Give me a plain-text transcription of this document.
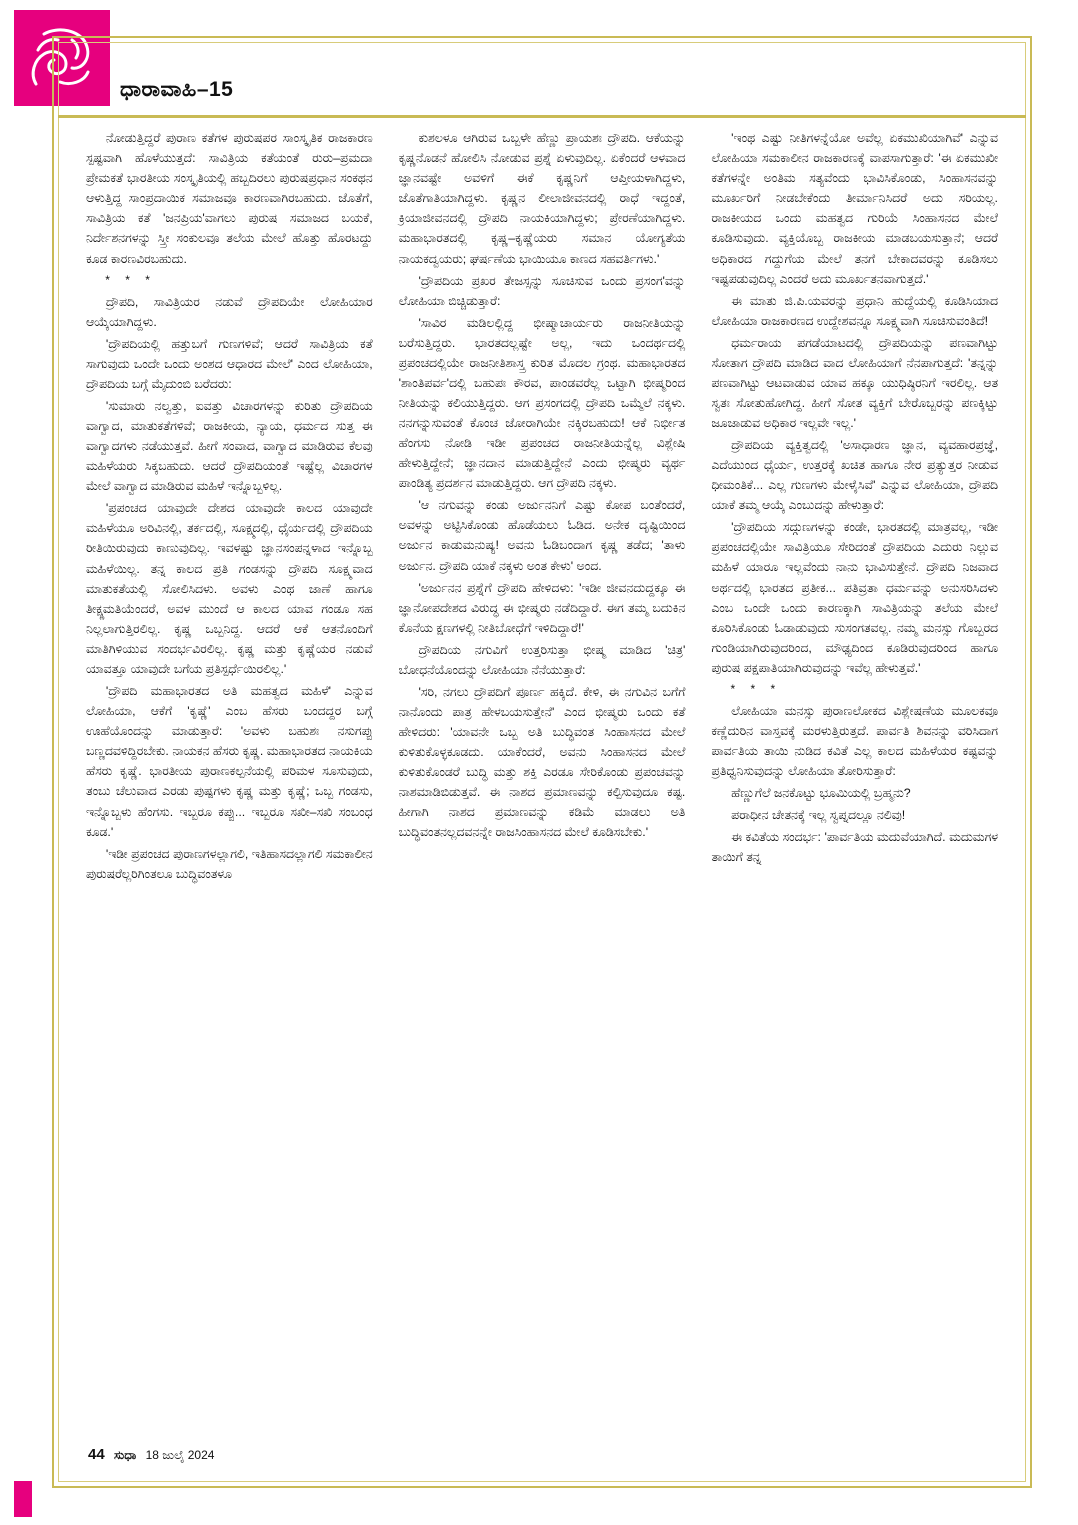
ಧಾರಾವಾಹಿ–15

ನೋಡುತ್ತಿದ್ದರೆ ಪುರಾಣ ಕತೆಗಳ ಪುರುಷಪರ ಸಾಂಸ್ಕೃತಿಕ ರಾಜಕಾರಣ ಸ್ಪಷ್ಟವಾಗಿ ಹೊಳೆಯುತ್ತದೆ: ಸಾವಿತ್ರಿಯ ಕತೆಯಂತೆ ರುರು–ಪ್ರಮದಾ ಪ್ರೇಮಕತೆ ಭಾರತೀಯ ಸಂಸ್ಕೃತಿಯಲ್ಲಿ ಹಬ್ಬದಿರಲು ಪುರುಷಪ್ರಧಾನ ಸಂಕಥನ ಆಳುತ್ತಿದ್ದ ಸಾಂಪ್ರದಾಯಿಕ ಸಮಾಜವೂ ಕಾರಣವಾಗಿರಬಹುದು. ಜೊತೆಗೆ, ಸಾವಿತ್ರಿಯ ಕತೆ 'ಜನಪ್ರಿಯ'ವಾಗಲು ಪುರುಷ ಸಮಾಜದ ಬಯಕೆ, ನಿರ್ದೇಶನಗಳನ್ನು ಸ್ತ್ರೀ ಸಂಕುಲವೂ ತಲೆಯ ಮೇಲೆ ಹೊತ್ತು ಹೊರಟದ್ದು ಕೂಡ ಕಾರಣವಿರಬಹುದು.

* * *

ದ್ರೌಪದಿ, ಸಾವಿತ್ರಿಯರ ನಡುವೆ ದ್ರೌಪದಿಯೇ ಲೋಹಿಯಾರ ಆಯ್ಕೆಯಾಗಿದ್ದಳು.

'ದ್ರೌಪದಿಯಲ್ಲಿ ಹತ್ತುಬಗೆ ಗುಣಗಳಿವೆ; ಆದರೆ ಸಾವಿತ್ರಿಯ ಕತೆ ಸಾಗುವುದು ಒಂದೇ ಒಂದು ಅಂಶದ ಆಧಾರದ ಮೇಲೆ' ಎಂದ ಲೋಹಿಯಾ, ದ್ರೌಪದಿಯ ಬಗ್ಗೆ ಮೈದುಂಬಿ ಬರೆದರು:

'ಸುಮಾರು ನಲ್ವತ್ತು, ಐವತ್ತು ವಿಚಾರಗಳನ್ನು ಕುರಿತು ದ್ರೌಪದಿಯ ವಾಗ್ವಾದ, ಮಾತುಕತೆಗಳಿವೆ; ರಾಜಕೀಯ, ನ್ಯಾಯ, ಧರ್ಮದ ಸುತ್ತ ಈ ವಾಗ್ವಾದಗಳು ನಡೆಯುತ್ತವೆ. ಹೀಗೆ ಸಂವಾದ, ವಾಗ್ವಾದ ಮಾಡಿರುವ ಕೆಲವು ಮಹಿಳೆಯರು ಸಿಕ್ಕಬಹುದು. ಆದರೆ ದ್ರೌಪದಿಯಂತೆ ಇಷ್ಟೆಲ್ಲ ವಿಚಾರಗಳ ಮೇಲೆ ವಾಗ್ವಾದ ಮಾಡಿರುವ ಮಹಿಳೆ ಇನ್ನೊಬ್ಬಳಿಲ್ಲ.

'ಪ್ರಪಂಚದ ಯಾವುದೇ ದೇಶದ ಯಾವುದೇ ಕಾಲದ ಯಾವುದೇ ಮಹಿಳೆಯೂ ಅರಿವಿನಲ್ಲಿ, ತರ್ಕದಲ್ಲಿ, ಸೂಕ್ಷ್ಮದಲ್ಲಿ, ಧೈರ್ಯದಲ್ಲಿ ದ್ರೌಪದಿಯ ರೀತಿಯಿರುವುದು ಕಾಣುವುದಿಲ್ಲ. ಇವಳಷ್ಟು ಜ್ಞಾನಸಂಪನ್ನಳಾದ ಇನ್ನೊಬ್ಬ ಮಹಿಳೆಯಿಲ್ಲ. ತನ್ನ ಕಾಲದ ಪ್ರತಿ ಗಂಡಸನ್ನು ದ್ರೌಪದಿ ಸೂಕ್ಷ್ಮವಾದ ಮಾತುಕತೆಯಲ್ಲಿ ಸೋಲಿಸಿದಳು. ಅವಳು ಎಂಥ ಜಾಣೆ ಹಾಗೂ ತೀಕ್ಷ್ಣಮತಿಯೆಂದರೆ, ಅವಳ ಮುಂದೆ ಆ ಕಾಲದ ಯಾವ ಗಂಡೂ ಸಹ ನಿಲ್ಲಲಾಗುತ್ತಿರಲಿಲ್ಲ. ಕೃಷ್ಣ ಒಬ್ಬನಿದ್ದ. ಆದರೆ ಆಕೆ ಆತನೊಂದಿಗೆ ಮಾತಿಗಿಳಿಯುವ ಸಂದರ್ಭವಿರಲಿಲ್ಲ. ಕೃಷ್ಣ ಮತ್ತು ಕೃಷ್ಣೆಯರ ನಡುವೆ ಯಾವತ್ತೂ ಯಾವುದೇ ಬಗೆಯ ಪ್ರತಿಸ್ಪರ್ಧೆಯಿರಲಿಲ್ಲ.'

'ದ್ರೌಪದಿ ಮಹಾಭಾರತದ ಅತಿ ಮಹತ್ವದ ಮಹಿಳೆ' ಎನ್ನುವ ಲೋಹಿಯಾ, ಆಕೆಗೆ 'ಕೃಷ್ಣೆ' ಎಂಬ ಹೆಸರು ಬಂದದ್ದರ ಬಗ್ಗೆ ಊಹೆಯೊಂದನ್ನು ಮಾಡುತ್ತಾರೆ: 'ಅವಳು ಬಹುಶಃ ನಸುಗಪ್ಪು ಬಣ್ಣದವಳಿದ್ದಿರಬೇಕು. ನಾಯಕನ ಹೆಸರು ಕೃಷ್ಣ. ಮಹಾಭಾರತದ ನಾಯಕಿಯ ಹೆಸರು ಕೃಷ್ಣೆ. ಭಾರತೀಯ ಪುರಾಣಕಲ್ಪನೆಯಲ್ಲಿ ಪರಿಮಳ ಸೂಸುವುದು, ತಂಬು ಚೆಲುವಾದ ಎರಡು ಪುಷ್ಪಗಳು ಕೃಷ್ಣ ಮತ್ತು ಕೃಷ್ಣೆ; ಒಬ್ಬ ಗಂಡಸು, ಇನ್ನೊಬ್ಬಳು ಹೆಂಗಸು. ಇಬ್ಬರೂ ಕಪ್ಪು... ಇಬ್ಬರೂ ಸಖೀ–ಸಖಿ ಸಂಬಂಧ ಕೂಡ.'

'ಇಡೀ ಪ್ರಪಂಚದ ಪುರಾಣಗಳಲ್ಲಾಗಲಿ, ಇತಿಹಾಸದಲ್ಲಾಗಲಿ ಸಮಕಾಲೀನ ಪುರುಷರೆಲ್ಲರಿಗಿಂತಲೂ ಬುದ್ಧಿವಂತಳೂ

ಕುಶಲಳೂ ಆಗಿರುವ ಒಬ್ಬಳೇ ಹೆಣ್ಣು ಪ್ರಾಯಶಃ ದ್ರೌಪದಿ. ಆಕೆಯನ್ನು ಕೃಷ್ಣನೊಡನೆ ಹೋಲಿಸಿ ನೋಡುವ ಪ್ರಶ್ನೆ ಏಳುವುದಿಲ್ಲ. ಏಕೆಂದರೆ ಆಳವಾದ ಜ್ಞಾನವಷ್ಟೇ ಅವಳಿಗೆ ಈಕೆ ಕೃಷ್ಣನಿಗೆ ಆಪ್ತೀಯಳಾಗಿದ್ದಳು, ಜೊತೆಗಾತಿಯಾಗಿದ್ದಳು. ಕೃಷ್ಣನ ಲೀಲಾಜೀವನದಲ್ಲಿ ರಾಧೆ ಇದ್ದಂತೆ, ಕ್ರಿಯಾಜೀವನದಲ್ಲಿ ದ್ರೌಪದಿ ನಾಯಕಿಯಾಗಿದ್ದಳು; ಪ್ರೇರಣೆಯಾಗಿದ್ದಳು. ಮಹಾಭಾರತದಲ್ಲಿ ಕೃಷ್ಣ–ಕೃಷ್ಣೆಯರು ಸಮಾನ ಯೋಗ್ಯತೆಯ ನಾಯಕದ್ವಯರು; ಘರ್ಷಣೆಯ ಭಾಯಿಯೂ ಕಾಣದ ಸಹವರ್ತಿಗಳು.'

'ದ್ರೌಪದಿಯ ಪ್ರಖರ ತೇಜಸ್ಸನ್ನು ಸೂಚಿಸುವ ಒಂದು ಪ್ರಸಂಗ'ವನ್ನು ಲೋಹಿಯಾ ಬಿಚ್ಚಿಡುತ್ತಾರೆ:

'ಸಾವಿರ ಮಡಿಲಲ್ಲಿದ್ದ ಭೀಷ್ಮಾಚಾರ್ಯರು ರಾಜನೀತಿಯನ್ನು ಬರೆಸುತ್ತಿದ್ದರು. ಭಾರತದಲ್ಲಷ್ಟೇ ಅಲ್ಲ, ಇದು ಒಂದರ್ಥದಲ್ಲಿ ಪ್ರಪಂಚದಲ್ಲಿಯೇ ರಾಜನೀತಿಶಾಸ್ತ್ರ ಕುರಿತ ಮೊದಲ ಗ್ರಂಥ. ಮಹಾಭಾರತದ 'ಶಾಂತಿಪರ್ವ'ದಲ್ಲಿ ಬಹುಪಃ ಕೌರವ, ಪಾಂಡವರೆಲ್ಲ ಒಟ್ಟಾಗಿ ಭೀಷ್ಮರಿಂದ ನೀತಿಯನ್ನು ಕಲಿಯುತ್ತಿದ್ದರು. ಆಗ ಪ್ರಸಂಗದಲ್ಲಿ ದ್ರೌಪದಿ ಒಮ್ಮೆಲೆ ನಕ್ಕಳು. ನನಗನ್ನುಸುವಂತೆ ಕೊಂಚ ಜೋರಾಗಿಯೇ ನಕ್ಕಿರಬಹುದು! ಆಕೆ ನಿರ್ಭೀತ ಹೆಂಗಸು ನೋಡಿ ಇಡೀ ಪ್ರಪಂಚದ ರಾಜನೀತಿಯನ್ನೆಲ್ಲ ವಿಶ್ಲೇಷಿ ಹೇಳುತ್ತಿದ್ದೇನೆ; ಜ್ಞಾನದಾನ ಮಾಡುತ್ತಿದ್ದೇನೆ ಎಂದು ಭೀಷ್ಮರು ವ್ಯರ್ಥ ಪಾಂಡಿತ್ಯ ಪ್ರದರ್ಶನ ಮಾಡುತ್ತಿದ್ದರು. ಆಗ ದ್ರೌಪದಿ ನಕ್ಕಳು.

'ಆ ನಗುವನ್ನು ಕಂಡು ಅರ್ಜುನನಿಗೆ ಎಷ್ಟು ಕೋಪ ಬಂತೆಂದರೆ, ಅವಳನ್ನು ಅಟ್ಟಿಸಿಕೊಂಡು ಹೊಡೆಯಲು ಓಡಿದ. ಅನೇಕ ದೃಷ್ಟಿಯಿಂದ ಅರ್ಜುನ ಕಾಡುಮನುಷ್ಯ! ಅವನು ಓಡಿಬಂದಾಗ ಕೃಷ್ಣ ತಡೆದ; 'ತಾಳು ಅರ್ಜುನ. ದ್ರೌಪದಿ ಯಾಕೆ ನಕ್ಕಳು ಅಂತ ಕೇಳು' ಅಂದ.

'ಅರ್ಜುನನ ಪ್ರಶ್ನೆಗೆ ದ್ರೌಪದಿ ಹೇಳಿದಳು: 'ಇಡೀ ಜೀವನದುದ್ದಕ್ಕೂ ಈ ಜ್ಞಾನೋಪದೇಶದ ವಿರುದ್ಧ ಈ ಭೀಷ್ಮರು ನಡೆದಿದ್ದಾರೆ. ಈಗ ತಮ್ಮ ಬದುಕಿನ ಕೊನೆಯ ಕ್ಷಣಗಳಲ್ಲಿ ನೀತಿಬೋಧೆಗೆ ಇಳಿದಿದ್ದಾರೆ!'

ದ್ರೌಪದಿಯ ನಗುವಿಗೆ ಉತ್ತರಿಸುತ್ತಾ ಭೀಷ್ಮ ಮಾಡಿದ 'ಚಿತ್ರ' ಬೋಧನೆಯೊಂದನ್ನು ಲೋಹಿಯಾ ನೆನೆಯುತ್ತಾರೆ:

'ಸರಿ, ನಗಲು ದ್ರೌಪದಿಗೆ ಪೂರ್ಣ ಹಕ್ಕಿದೆ. ಕೇಳಿ, ಈ ನಗುವಿನ ಬಗೆಗೆ ನಾನೊಂದು ಪಾತ್ರ ಹೇಳಬಯಸುತ್ತೇನೆ' ಎಂದ ಭೀಷ್ಮರು ಒಂದು ಕತೆ ಹೇಳಿದರು: 'ಯಾವನೇ ಒಬ್ಬ ಅತಿ ಬುದ್ಧಿವಂತ ಸಿಂಹಾಸನದ ಮೇಲೆ ಕುಳಿತುಕೊಳ್ಳಕೂಡದು. ಯಾಕೆಂದರೆ, ಅವನು ಸಿಂಹಾಸನದ ಮೇಲೆ ಕುಳಿತುಕೊಂಡರೆ ಬುದ್ಧಿ ಮತ್ತು ಶಕ್ತಿ ಎರಡೂ ಸೇರಿಕೊಂಡು ಪ್ರಪಂಚವನ್ನು ನಾಶಮಾಡಿಬಿಡುತ್ತವೆ. ಈ ನಾಶದ ಪ್ರಮಾಣವನ್ನು ಕಲ್ಪಿಸುವುದೂ ಕಷ್ಟ. ಹೀಗಾಗಿ ನಾಶದ ಪ್ರಮಾಣವನ್ನು ಕಡಿಮೆ ಮಾಡಲು ಅತಿ ಬುದ್ಧಿವಂತನಲ್ಲದವನನ್ನೇ ರಾಜಸಿಂಹಾಸನದ ಮೇಲೆ ಕೂಡಿಸಬೇಕು.'

'ಇಂಥ ಎಷ್ಟು ನೀತಿಗಳನ್ನೆಯೋ ಅವೆಲ್ಲ ಏಕಮುಖಿಯಾಗಿವೆ' ಎನ್ನುವ ಲೋಹಿಯಾ ಸಮಕಾಲೀನ ರಾಜಕಾರಣಕ್ಕೆ ವಾಪಸಾಗುತ್ತಾರೆ: 'ಈ ಏಕಮುಖೀ ಕತೆಗಳನ್ನೇ ಅಂತಿಮ ಸತ್ಯವೆಂದು ಭಾವಿಸಿಕೊಂಡು, ಸಿಂಹಾಸನವನ್ನು ಮೂರ್ಖರಿಗೆ ನೀಡಬೇಕೆಂದು ತೀರ್ಮಾನಿಸಿದರೆ ಅದು ಸರಿಯಲ್ಲ. ರಾಜಕೀಯದ ಒಂದು ಮಹತ್ವದ ಗುರಿಯೆ ಸಿಂಹಾಸನದ ಮೇಲೆ ಕೂಡಿಸುವುದು. ವ್ಯಕ್ತಿಯೊಬ್ಬ ರಾಜಕೀಯ ಮಾಡಬಯಸುತ್ತಾನೆ; ಆದರೆ ಅಧಿಕಾರದ ಗದ್ದುಗೆಯ ಮೇಲೆ ತನಗೆ ಬೇಕಾದವರನ್ನು ಕೂಡಿಸಲು ಇಷ್ಟಪಡುವುದಿಲ್ಲ ಎಂದರೆ ಅದು ಮೂರ್ಖತನವಾಗುತ್ತದೆ.'

ಈ ಮಾತು ಜಿ.ಪಿ.ಯವರನ್ನು ಪ್ರಧಾನಿ ಹುದ್ದೆಯಲ್ಲಿ ಕೂಡಿಸಿಯಾದ ಲೋಹಿಯಾ ರಾಜಕಾರಣದ ಉದ್ದೇಶವನ್ನೂ ಸೂಕ್ಷ್ಮವಾಗಿ ಸೂಚಿಸುವಂತಿದೆ!

ಧರ್ಮರಾಯ ಪಗಡೆಯಾಟದಲ್ಲಿ ದ್ರೌಪದಿಯನ್ನು ಪಣವಾಗಿಟ್ಟು ಸೋತಾಗ ದ್ರೌಪದಿ ಮಾಡಿದ ವಾದ ಲೋಹಿಯಾಗೆ ನೆನಪಾಗುತ್ತದೆ: 'ತನ್ನನ್ನು ಪಣವಾಗಿಟ್ಟು ಆಟವಾಡುವ ಯಾವ ಹಕ್ಕೂ ಯುಧಿಷ್ಠಿರನಿಗೆ ಇರಲಿಲ್ಲ. ಆತ ಸ್ವತಃ ಸೋತುಹೋಗಿದ್ದ. ಹೀಗೆ ಸೋತ ವ್ಯಕ್ತಿಗೆ ಬೇರೊಬ್ಬರನ್ನು ಪಣಕ್ಕಿಟ್ಟು ಜೂಜಾಡುವ ಅಧಿಕಾರ ಇಲ್ಲವೇ ಇಲ್ಲ.'

ದ್ರೌಪದಿಯ ವ್ಯಕ್ತಿತ್ವದಲ್ಲಿ 'ಅಸಾಧಾರಣ ಜ್ಞಾನ, ವ್ಯವಹಾರಪ್ರಜ್ಞೆ, ಎದೆಯುಂದ ಧೈರ್ಯ, ಉತ್ತರಕ್ಕೆ ಖಚಿತ ಹಾಗೂ ನೇರ ಪ್ರತ್ಯುತ್ತರ ನೀಡುವ ಧೀಮಂತಿಕೆ... ಎಲ್ಲ ಗುಣಗಳು ಮೇಳೈಸಿವೆ' ಎನ್ನುವ ಲೋಹಿಯಾ, ದ್ರೌಪದಿ ಯಾಕೆ ತಮ್ಮ ಆಯ್ಕೆ ಎಂಬುದನ್ನು ಹೇಳುತ್ತಾರೆ:

'ದ್ರೌಪದಿಯ ಸದ್ಗುಣಗಳನ್ನು ಕಂಡೇ, ಭಾರತದಲ್ಲಿ ಮಾತ್ರವಲ್ಲ, ಇಡೀ ಪ್ರಪಂಚದಲ್ಲಿಯೇ ಸಾವಿತ್ರಿಯೂ ಸೇರಿದಂತೆ ದ್ರೌಪದಿಯ ಎದುರು ನಿಲ್ಲುವ ಮಹಿಳೆ ಯಾರೂ ಇಲ್ಲವೆಂದು ನಾನು ಭಾವಿಸುತ್ತೇನೆ. ದ್ರೌಪದಿ ನಿಜವಾದ ಅರ್ಥದಲ್ಲಿ ಭಾರತದ ಪ್ರತೀಕ... ಪತಿವ್ರತಾ ಧರ್ಮವನ್ನು ಅನುಸರಿಸಿದಳು ಎಂಬ ಒಂದೇ ಒಂದು ಕಾರಣಕ್ಕಾಗಿ ಸಾವಿತ್ರಿಯನ್ನು ತಲೆಯ ಮೇಲೆ ಕೂರಿಸಿಕೊಂಡು ಓಡಾಡುವುದು ಸುಸಂಗತವಲ್ಲ. ನಮ್ಮ ಮನಸ್ಸು ಗೊಬ್ಬರದ ಗುಂಡಿಯಾಗಿರುವುದರಿಂದ, ಮೌಢ್ಯದಿಂದ ಕೂಡಿರುವುದರಿಂದ ಹಾಗೂ ಪುರುಷ ಪಕ್ಷಪಾತಿಯಾಗಿರುವುದನ್ನು ಇವೆಲ್ಲ ಹೇಳುತ್ತವೆ.'

* * *

ಲೋಹಿಯಾ ಮನಸ್ಸು ಪುರಾಣಲೋಕದ ವಿಶ್ಲೇಷಣೆಯ ಮೂಲಕವೂ ಕಣ್ಣೆದುರಿನ ವಾಸ್ತವಕ್ಕೆ ಮರಳುತ್ತಿರುತ್ತದೆ. ಪಾರ್ವತಿ ಶಿವನನ್ನು ವರಿಸಿದಾಗ ಪಾರ್ವತಿಯ ತಾಯಿ ನುಡಿದ ಕವಿತೆ ಎಲ್ಲ ಕಾಲದ ಮಹಿಳೆಯರ ಕಷ್ಟವನ್ನು ಪ್ರತಿಧ್ವನಿಸುವುದನ್ನು ಲೋಹಿಯಾ ತೋರಿಸುತ್ತಾರೆ:

ಹೆಣ್ಣುಗೆಲೆ ಜನಕೊಟ್ಟು ಭೂಮಿಯಲ್ಲಿ ಬ್ರಹ್ಮನು?

ಪರಾಧೀನ ಚೇತನಕ್ಕೆ ಇಲ್ಲ ಸ್ವಪ್ನದಲ್ಲೂ ನಲಿವು!

ಈ ಕವಿತೆಯ ಸಂದರ್ಭ: 'ಪಾರ್ವತಿಯ ಮದುವೆಯಾಗಿದೆ. ಮದುಮಗಳ ತಾಯಿಗೆ ತನ್ನ

44 ಸುಧಾ 18 ಜುಲೈ 2024
